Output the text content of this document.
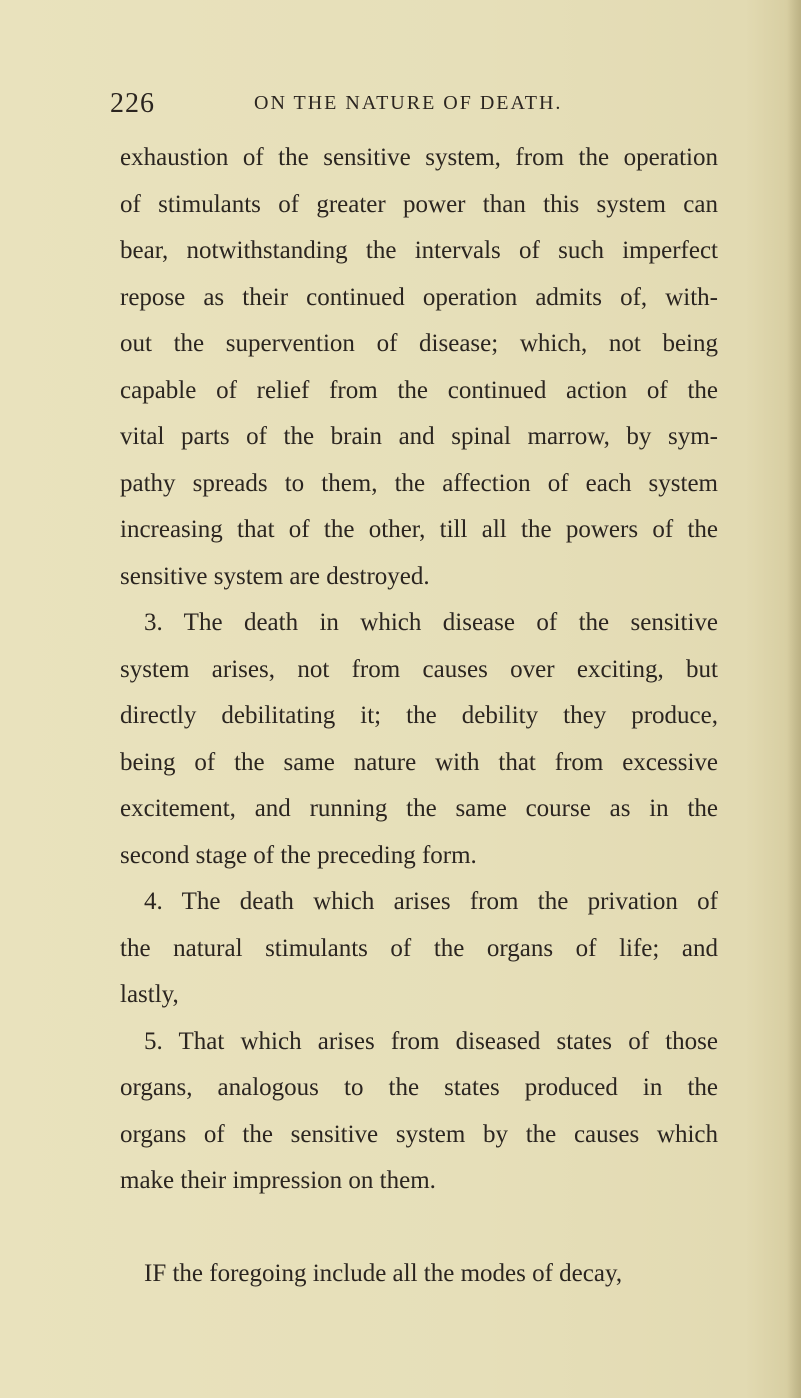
226	ON THE NATURE OF DEATH.
exhaustion of the sensitive system, from the operation
of stimulants of greater power than this system can
bear, notwithstanding the intervals of such imperfect
repose as their continued operation admits of, with-
out the supervention of disease; which, not being
capable of relief from the continued action of the
vital parts of the brain and spinal marrow, by sym-
pathy spreads to them, the affection of each system
increasing that of the other, till all the powers of the
sensitive system are destroyed.
3. The death in which disease of the sensitive
system arises, not from causes over exciting, but
directly debilitating it; the debility they produce,
being of the same nature with that from excessive
excitement, and running the same course as in the
second stage of the preceding form.
4. The death which arises from the privation of
the natural stimulants of the organs of life; and
lastly,
5. That which arises from diseased states of those
organs, analogous to the states produced in the
organs of the sensitive system by the causes which
make their impression on them.
IF the foregoing include all the modes of decay,
